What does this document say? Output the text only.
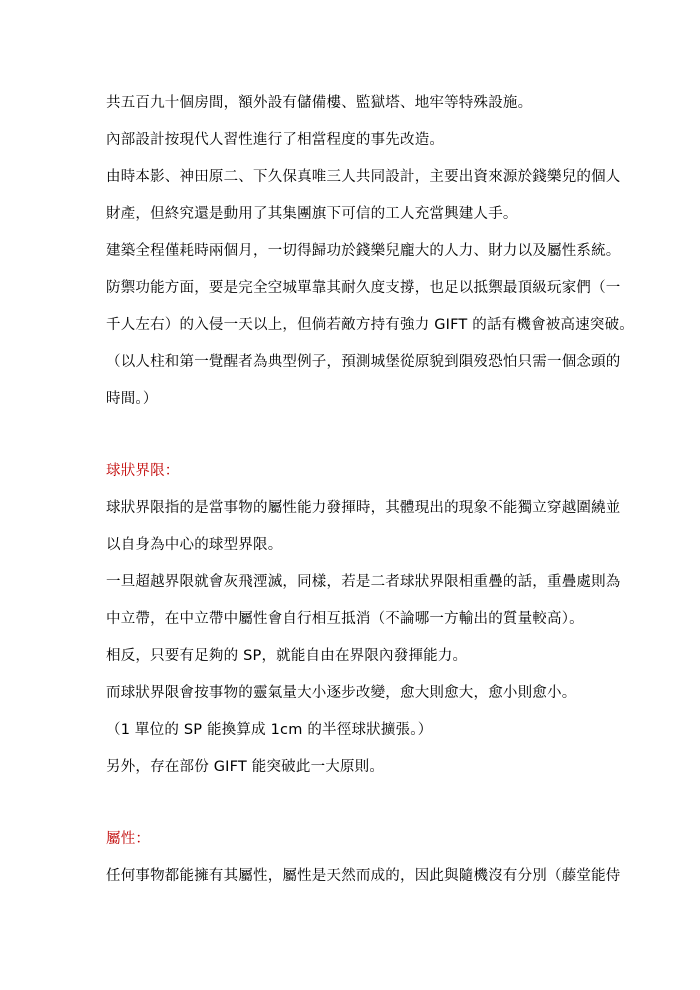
共五百九十個房間，額外設有儲備樓、監獄塔、地牢等特殊設施。
內部設計按現代人習性進行了相當程度的事先改造。
由時本影、神田原二、下久保真唯三人共同設計，主要出資來源於錢樂兒的個人
財產，但終究還是動用了其集團旗下可信的工人充當興建人手。
建築全程僅耗時兩個月，一切得歸功於錢樂兒龐大的人力、財力以及屬性系統。
防禦功能方面，要是完全空城單靠其耐久度支撐，也足以抵禦最頂級玩家們（一
千人左右）的入侵一天以上，但倘若敵方持有強力 GIFT 的話有機會被高速突破。
（以人柱和第一覺醒者為典型例子，預測城堡從原貌到隕歿恐怕只需一個念頭的
時間。）
球狀界限：
球狀界限指的是當事物的屬性能力發揮時，其體現出的現象不能獨立穿越圍繞並
以自身為中心的球型界限。
一旦超越界限就會灰飛湮滅，同樣，若是二者球狀界限相重疊的話，重疊處則為
中立帶，在中立帶中屬性會自行相互抵消（不論哪一方輸出的質量較高）。
相反，只要有足夠的 SP，就能自由在界限內發揮能力。
而球狀界限會按事物的靈氣量大小逐步改變，愈大則愈大，愈小則愈小。
（1 單位的 SP 能換算成 1cm 的半徑球狀擴張。）
另外，存在部份 GIFT 能突破此一大原則。
屬性：
任何事物都能擁有其屬性，屬性是天然而成的，因此與隨機沒有分別（藤堂能侍
